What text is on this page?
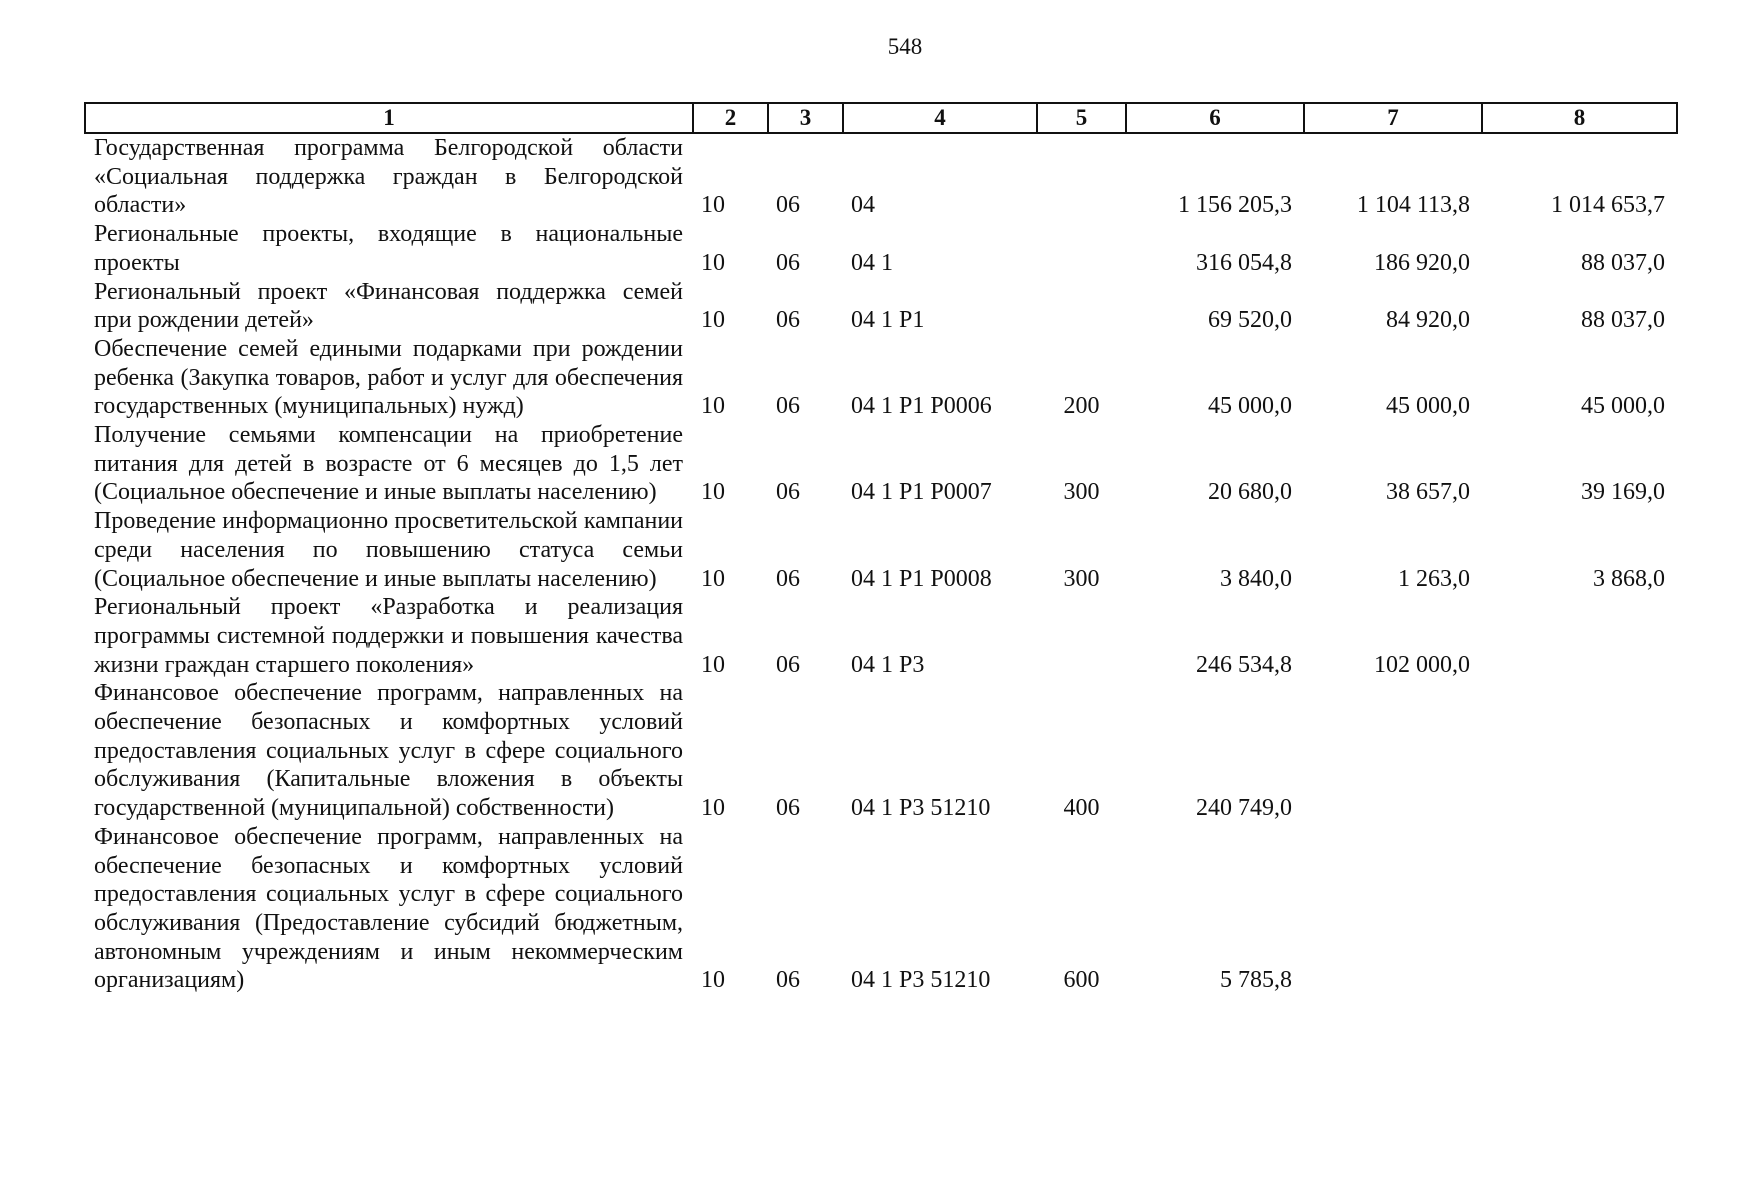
548
1	2	3	4	5	6	7	8
Государственная программа Белгородской области «Социальная поддержка граждан в Белгородской области»	10	06	04		1 156 205,3	1 104 113,8	1 014 653,7
Региональные проекты, входящие в национальные проекты	10	06	04 1		316 054,8	186 920,0	88 037,0
Региональный проект «Финансовая поддержка семей при рождении детей»	10	06	04 1 P1		69 520,0	84 920,0	88 037,0
Обеспечение семей едиными подарками при рождении ребенка (Закупка товаров, работ и услуг для обеспечения государственных (муниципальных) нужд)	10	06	04 1 P1 P0006	200	45 000,0	45 000,0	45 000,0
Получение семьями компенсации на приобретение питания для детей в возрасте от 6 месяцев до 1,5 лет (Социальное обеспечение и иные выплаты населению)	10	06	04 1 P1 P0007	300	20 680,0	38 657,0	39 169,0
Проведение информационно просветительской кампании среди населения по повышению статуса семьи (Социальное обеспечение и иные выплаты населению)	10	06	04 1 P1 P0008	300	3 840,0	1 263,0	3 868,0
Региональный проект «Разработка и реализация программы системной поддержки и повышения качества жизни граждан старшего поколения»	10	06	04 1 P3		246 534,8	102 000,0	
Финансовое обеспечение программ, направленных на обеспечение безопасных и комфортных условий предоставления социальных услуг в сфере социального обслуживания (Капитальные вложения в объекты государственной (муниципальной) собственности)	10	06	04 1 P3 51210	400	240 749,0		
Финансовое обеспечение программ, направленных на обеспечение безопасных и комфортных условий предоставления социальных услуг в сфере социального обслуживания (Предоставление субсидий бюджетным, автономным учреждениям и иным некоммерческим организациям)	10	06	04 1 P3 51210	600	5 785,8		
